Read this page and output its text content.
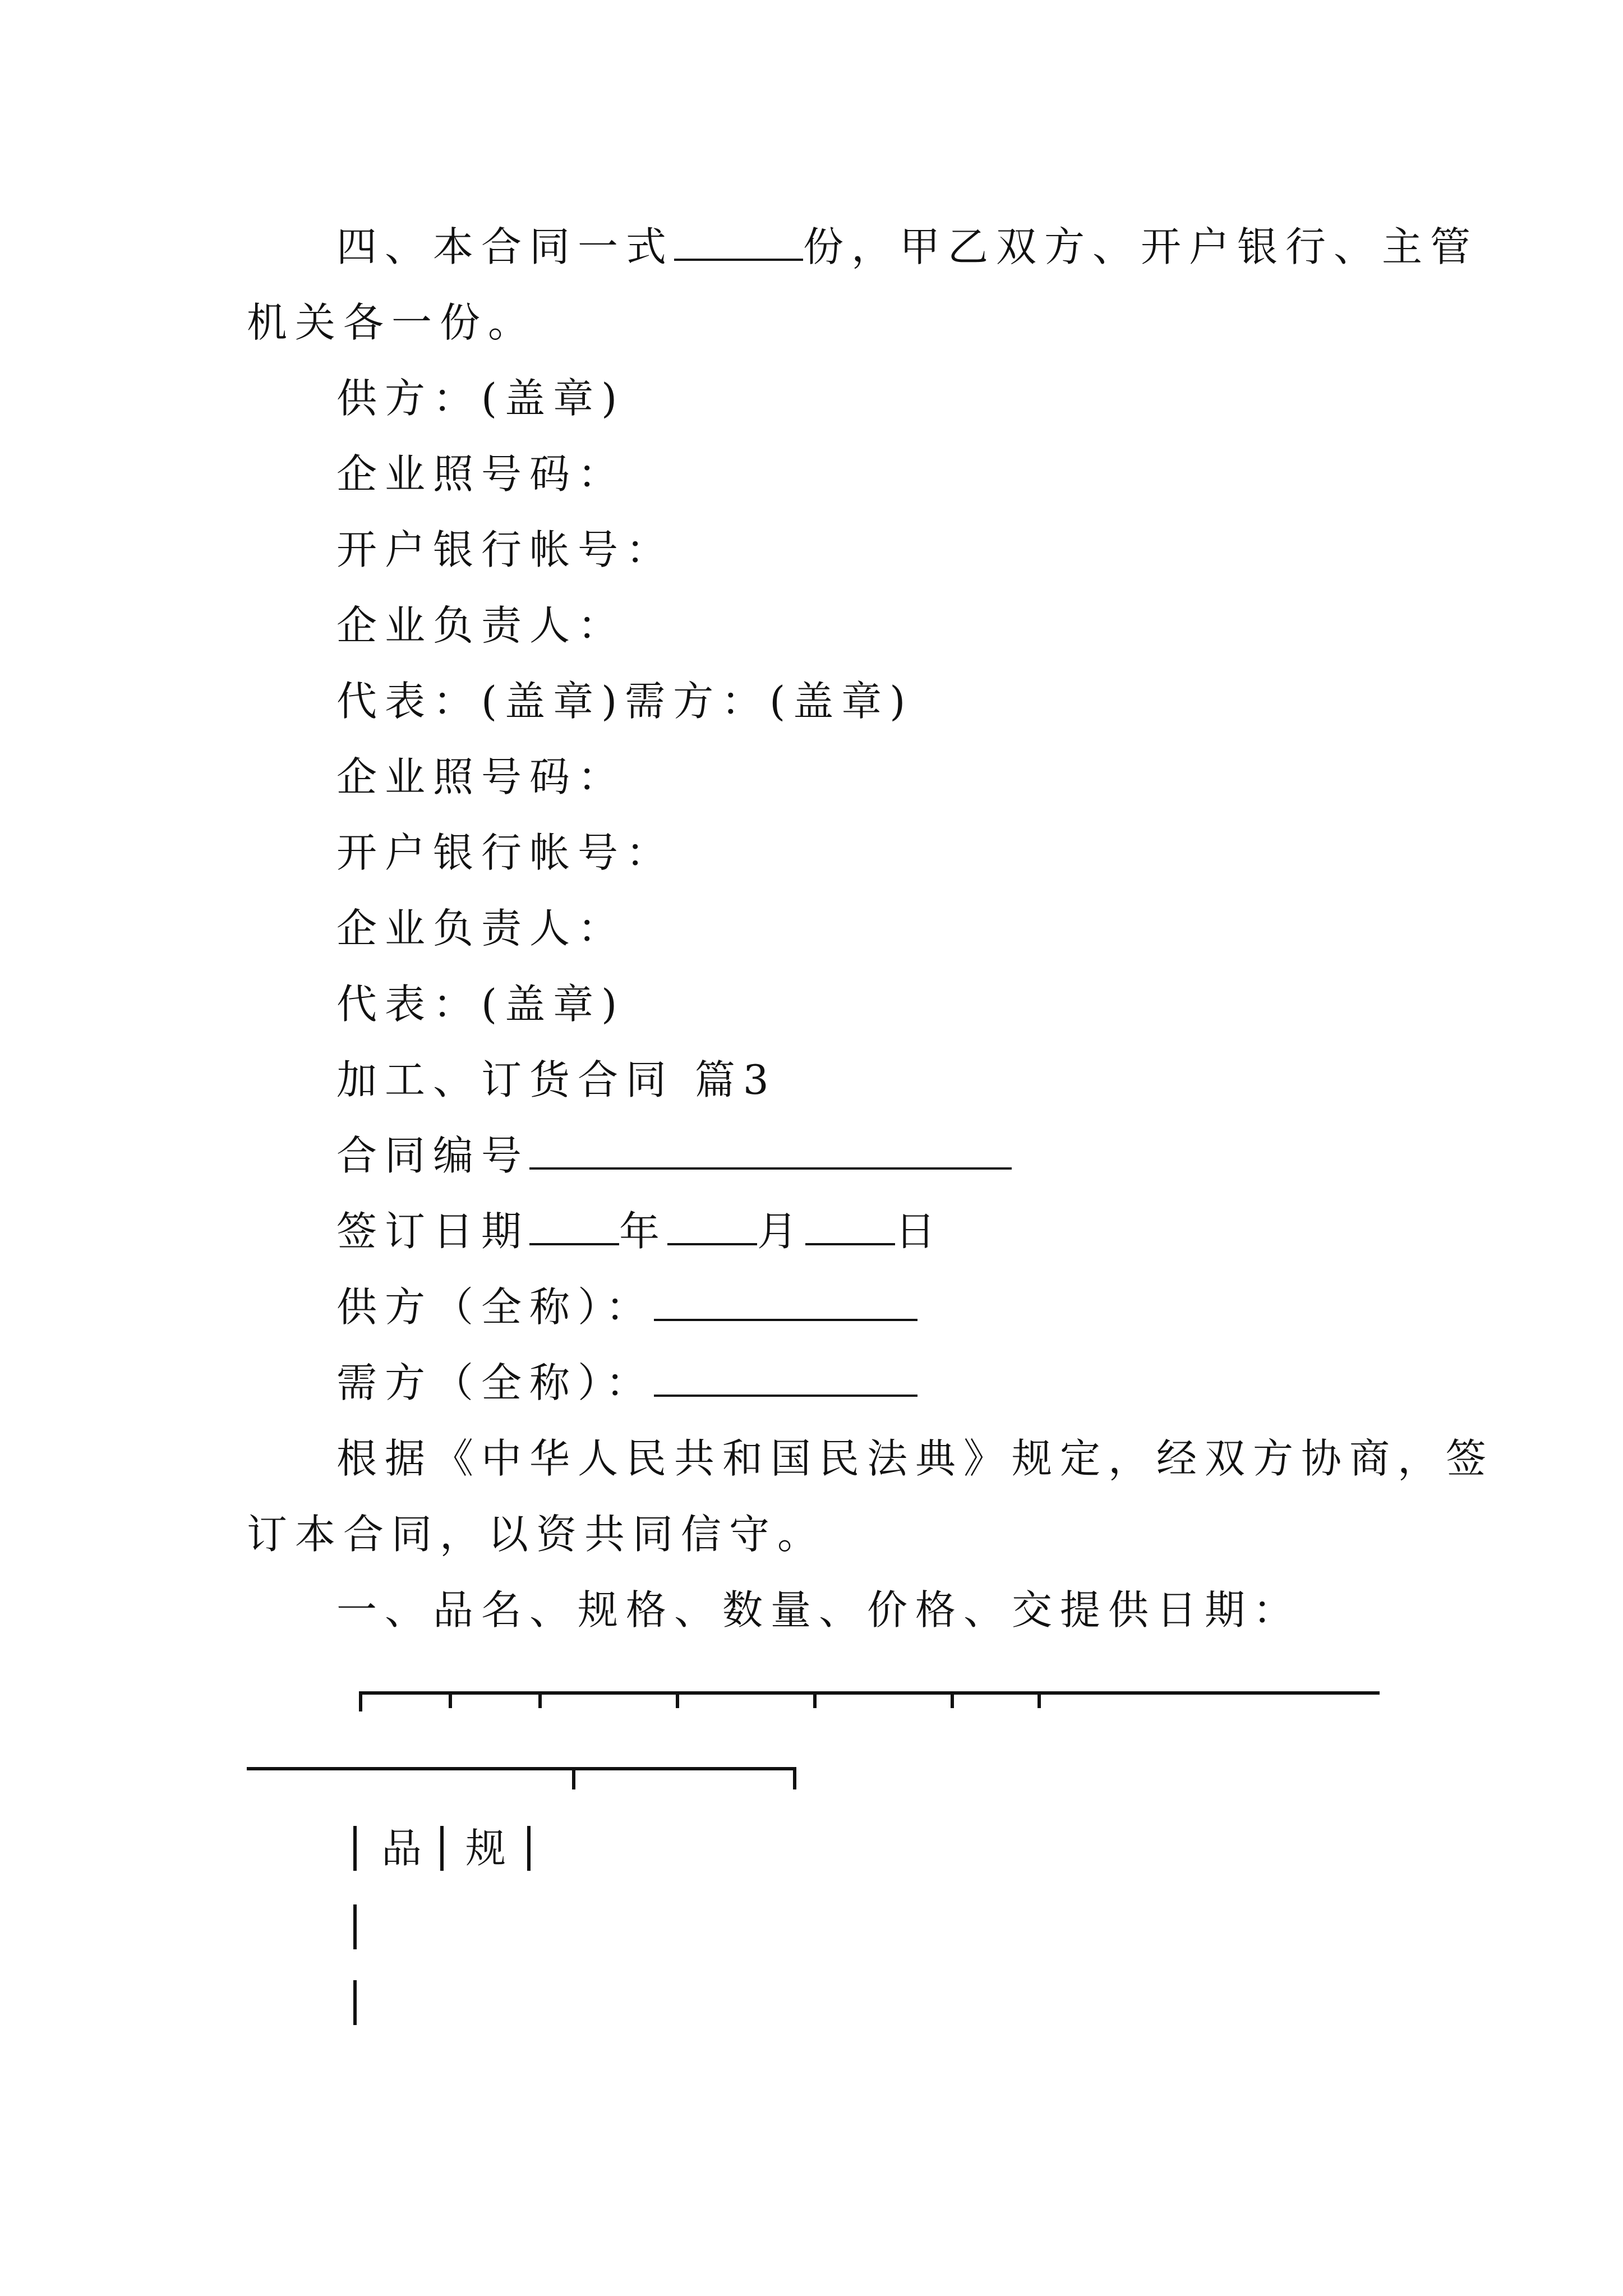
四、本合同一式	份，甲乙双方、开户银行、主管
机关各一份。
供方：(盖章)
企业照号码：
开户银行帐号：
企业负责人：
代表：(盖章)需方：(盖章)
企业照号码：
开户银行帐号：
企业负责人：
代表：(盖章)
加工、订货合同 篇3
合同编号
签订日期 年 月 日
供方（全称）：
需方（全称）：
根据《中华人民共和国民法典》规定，经双方协商，签
订本合同，以资共同信守。
一、品名、规格、数量、价格、交提供日期：
品 规
